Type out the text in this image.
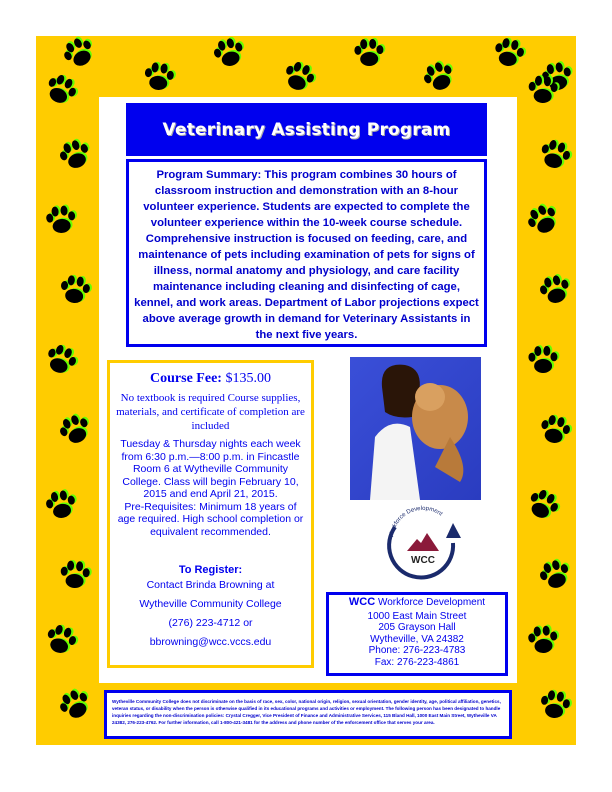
Veterinary Assisting Program
Program Summary: This program combines 30 hours of classroom instruction and demonstration with an 8-hour volunteer experience. Students are expected to complete the volunteer experience within the 10-week course schedule. Comprehensive instruction is focused on feeding, care, and maintenance of pets including examination of pets for signs of illness, normal anatomy and physiology, and care facility maintenance including cleaning and disinfecting of cage, kennel, and work areas. Department of Labor projections expect above average growth in demand for Veterinary Assistants in the next five years.
Course Fee: $135.00
No textbook is required Course supplies, materials, and certificate of completion are included
Tuesday & Thursday nights each week from 6:30 p.m.—8:00 p.m. in Fincastle Room 6 at Wytheville Community College. Class will begin February 10, 2015 and end April 21, 2015.
Pre-Requisites: Minimum 18 years of age required. High school completion or equivalent recommended.
To Register:
Contact Brinda Browning at
Wytheville Community College
(276) 223-4712 or
bbrowning@wcc.vccs.edu
Workforce Development
WCC
WCC Workforce Development
1000 East Main Street
205 Grayson Hall
Wytheville, VA 24382
Phone: 276-223-4783
Fax: 276-223-4861
Wytheville Community College does not discriminate on the basis of race, sex, color, national origin, religion, sexual orientation, gender identity, age, political affiliation, genetics, veteran status, or disability when the person is otherwise qualified in its educational programs and activities or employment. The following person has been designated to handle inquiries regarding the non-discrimination policies: Crystal Cregger, Vice President of Finance and Administrative Services, 115 Bland Hall, 1000 East Main Street, Wytheville VA 24382, 276-223-4762. For further information, call 1-800-421-3481 for the address and phone number of the enforcement office that serves your area.
